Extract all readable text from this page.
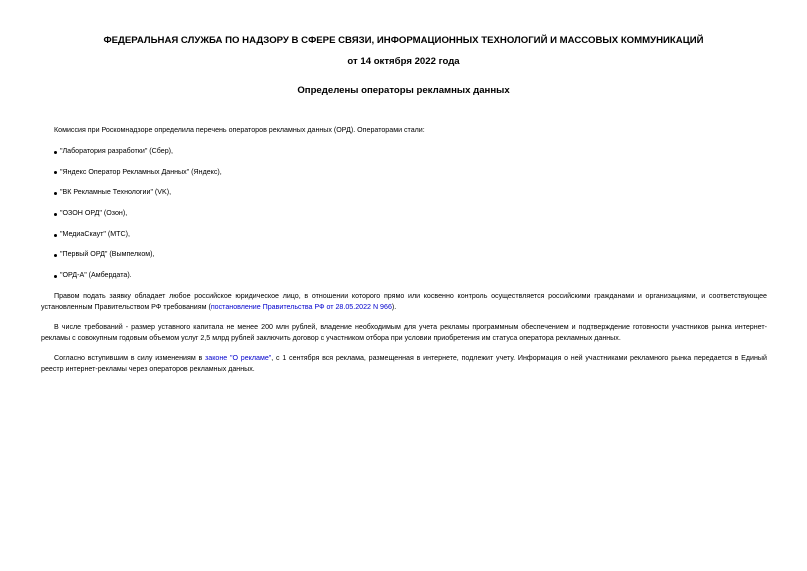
ФЕДЕРАЛЬНАЯ СЛУЖБА ПО НАДЗОРУ В СФЕРЕ СВЯЗИ, ИНФОРМАЦИОННЫХ ТЕХНОЛОГИЙ И МАССОВЫХ КОММУНИКАЦИЙ
от 14 октября 2022 года
Определены операторы рекламных данных
Комиссия при Роскомнадзоре определила перечень операторов рекламных данных (ОРД). Операторами стали:
"Лаборатория разработки" (Сбер),
"Яндекс Оператор Рекламных Данных" (Яндекс),
"ВК Рекламные Технологии" (VK),
"ОЗОН ОРД" (Озон),
"МедиаСкаут" (МТС),
"Первый ОРД" (Вымпелком),
"ОРД-А" (Амбердата).
Правом подать заявку обладает любое российское юридическое лицо, в отношении которого прямо или косвенно контроль осуществляется российскими гражданами и организациями, и соответствующее установленным Правительством РФ требованиям (постановление Правительства РФ от 28.05.2022 N 966).
В числе требований - размер уставного капитала не менее 200 млн рублей, владение необходимым для учета рекламы программным обеспечением и подтверждение готовности участников рынка интернет-рекламы с совокупным годовым объемом услуг 2,5 млрд рублей заключить договор с участником отбора при условии приобретения им статуса оператора рекламных данных.
Согласно вступившим в силу изменениям в законе "О рекламе", с 1 сентября вся реклама, размещенная в интернете, подлежит учету. Информация о ней участниками рекламного рынка передается в Единый реестр интернет-рекламы через операторов рекламных данных.
